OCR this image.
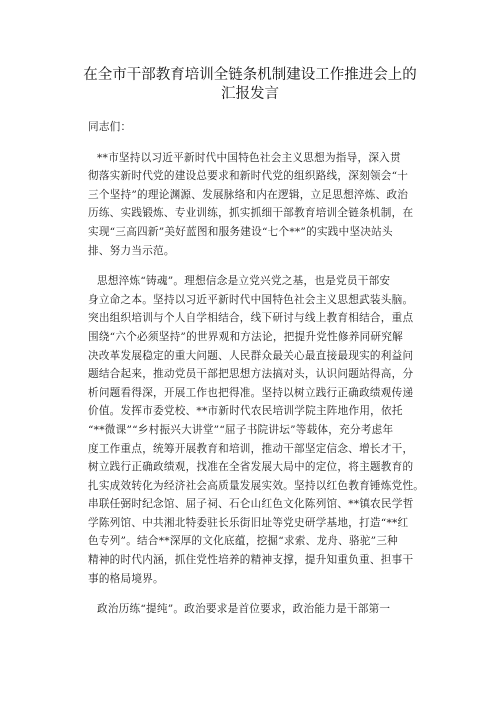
在全市干部教育培训全链条机制建设工作推进会上的
汇报发言
同志们：
**市坚持以习近平新时代中国特色社会主义思想为指导，深入贯
彻落实新时代党的建设总要求和新时代党的组织路线，深刻领会“十
三个坚持”的理论渊源、发展脉络和内在逻辑，立足思想淬炼、政治
历练、实践锻炼、专业训练，抓实抓细干部教育培训全链条机制，在
实现“三高四新”美好蓝图和服务建设“七个**”的实践中坚决站头
排、努力当示范。
思想淬炼“铸魂”。理想信念是立党兴党之基，也是党员干部安
身立命之本。坚持以习近平新时代中国特色社会主义思想武装头脑。
突出组织培训与个人自学相结合，线下研讨与线上教育相结合，重点
围绕“六个必须坚持”的世界观和方法论，把提升党性修养同研究解
决改革发展稳定的重大问题、人民群众最关心最直接最现实的利益问
题结合起来，推动党员干部把思想方法搞对头，认识问题站得高，分
析问题看得深，开展工作也把得准。坚持以树立践行正确政绩观传递
价值。发挥市委党校、**市新时代农民培训学院主阵地作用，依托
“**微课”“乡村振兴大讲堂”“屈子书院讲坛”等载体，充分考虑年
度工作重点，统筹开展教育和培训，推动干部坚定信念、增长才干，
树立践行正确政绩观，找准在全省发展大局中的定位，将主题教育的
扎实成效转化为经济社会高质量发展实效。坚持以红色教育锤炼党性。
串联任弼时纪念馆、屈子祠、石仑山红色文化陈列馆、**镇农民学哲
学陈列馆、中共湘北特委驻长乐街旧址等党史研学基地，打造“**红
色专列”。结合**深厚的文化底蕴，挖掘“求索、龙舟、骆驼”三种
精神的时代内涵，抓住党性培养的精神支撑，提升知重负重、担事干
事的格局境界。
政治历练“提纯”。政治要求是首位要求，政治能力是干部第一
